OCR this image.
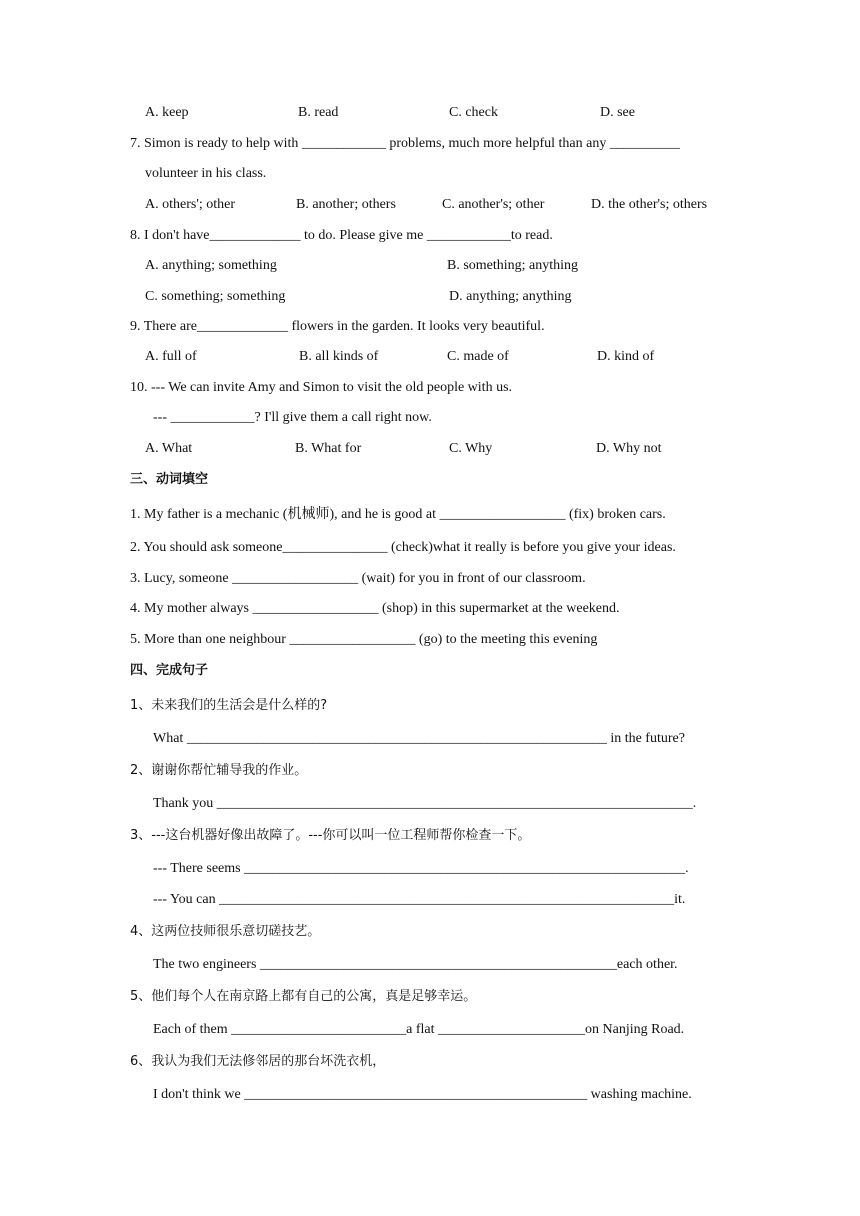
A. keep	B. read	C. check	D. see
7. Simon is ready to help with ____________ problems, much more helpful than any __________
volunteer in his class.
A. others'; other	B. another; others	C. another's; other	D. the other's; others
8. I don't have_____________ to do. Please give me ____________to read.
A. anything; something	B. something; anything
C. something; something	D. anything; anything
9. There are_____________ flowers in the garden. It looks very beautiful.
A. full of	B. all kinds of	C. made of	D. kind of
10. --- We can invite Amy and Simon to visit the old people with us.
--- ____________? I'll give them a call right now.
A. What	B. What for	C. Why	D. Why not
三、动词填空
1. My father is a mechanic (机械师), and he is good at __________________ (fix) broken cars.
2. You should ask someone_______________ (check)what it really is before you give your ideas.
3. Lucy, someone __________________ (wait) for you in front of our classroom.
4. My mother always __________________ (shop) in this supermarket at the weekend.
5. More than one neighbour __________________ (go) to the meeting this evening
四、完成句子
1、未来我们的生活会是什么样的?
What ____________________________________________________________ in the future?
2、谢谢你帮忙辅导我的作业。
Thank you ____________________________________________________________________.
3、---这台机器好像出故障了。---你可以叫一位工程师帮你检查一下。
--- There seems _______________________________________________________________.
--- You can _________________________________________________________________it.
4、这两位技师很乐意切磋技艺。
The two engineers ___________________________________________________each other.
5、他们每个人在南京路上都有自己的公寓，真是足够幸运。
Each of them _________________________a flat _____________________on Nanjing Road.
6、我认为我们无法修邻居的那台坏洗衣机，
I don't think we _________________________________________________ washing machine.
